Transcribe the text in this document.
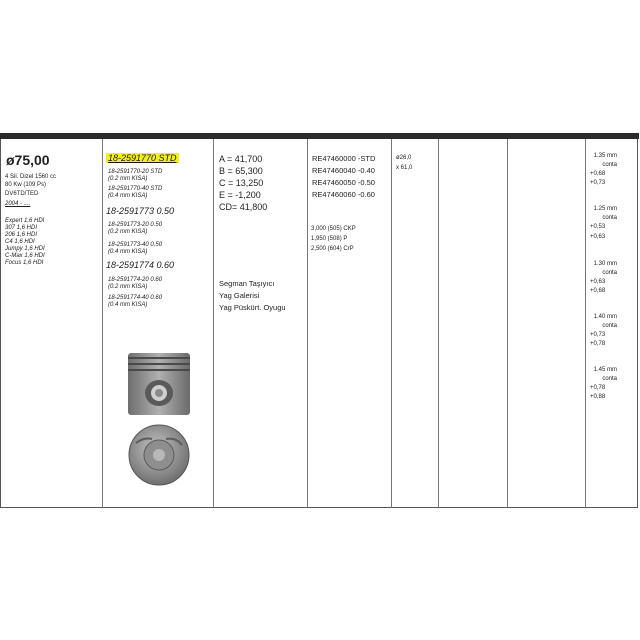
ø75,00
4 Sil. Dizel 1560 cc
80 Kw (109 Ps)
DV6TD/TED
2004 - ....
Expert 1,6 HDI
307 1,6 HDI
206 1,6 HDI
C4 1,6 HDI
Jumpy 1,6 HDI
C-Max 1,6 HDI
Focus 1,6 HDI
18-2591770 STD
18-2591770-20 STD
(0.2 mm KISA)
18-2591770-40 STD
(0.4 mm KISA)
18-2591773 0.50
18-2591773-20 0.50
(0.2 mm KISA)
18-2591773-40 0.50
(0.4 mm KISA)
18-2591774 0.60
18-2591774-20 0.60
(0.2 mm KISA)
18-2591774-40 0.60
(0.4 mm KISA)
A = 41,700
B = 65,300
C = 13,250
E = -1,200
CD= 41,800
Segman Taşıyıcı
Yag Galerisi
Yag Püskürt. Oyugu
RE47460000 -STD
RE47460040 -0.40
RE47460050 -0.50
RE47460060 -0.60
3,000 (505) CKP
1,950 (508) P
2,500 (604) CrP
ø26,0
x 61,0
1.35 mm
conta
+0,68
+0,73
1.25 mm
conta
+0,53
+0,63
1.30 mm
conta
+0,63
+0,68
1.40 mm
conta
+0,73
+0,78
1.45 mm
conta
+0,78
+0,88
